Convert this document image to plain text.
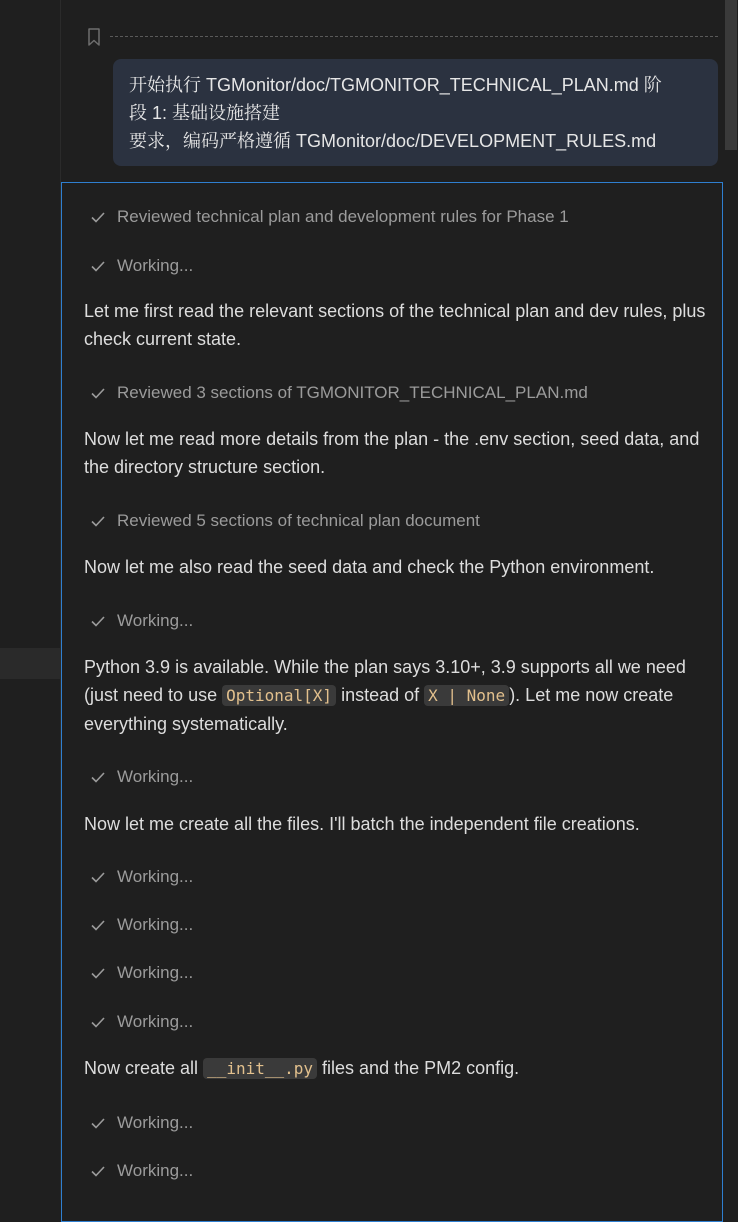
开始执行 TGMonitor/doc/TGMONITOR_TECHNICAL_PLAN.md 阶
段 1: 基础设施搭建
要求，编码严格遵循 TGMonitor/doc/DEVELOPMENT_RULES.md
Reviewed technical plan and development rules for Phase 1
Working...
Let me first read the relevant sections of the technical plan and dev rules, plus check current state.
Reviewed 3 sections of TGMONITOR_TECHNICAL_PLAN.md
Now let me read more details from the plan - the .env section, seed data, and the directory structure section.
Reviewed 5 sections of technical plan document
Now let me also read the seed data and check the Python environment.
Working...
Python 3.9 is available. While the plan says 3.10+, 3.9 supports all we need (just need to use Optional[X] instead of X | None ). Let me now create everything systematically.
Working...
Now let me create all the files. I'll batch the independent file creations.
Working...
Working...
Working...
Working...
Now create all __init__.py files and the PM2 config.
Working...
Working...
